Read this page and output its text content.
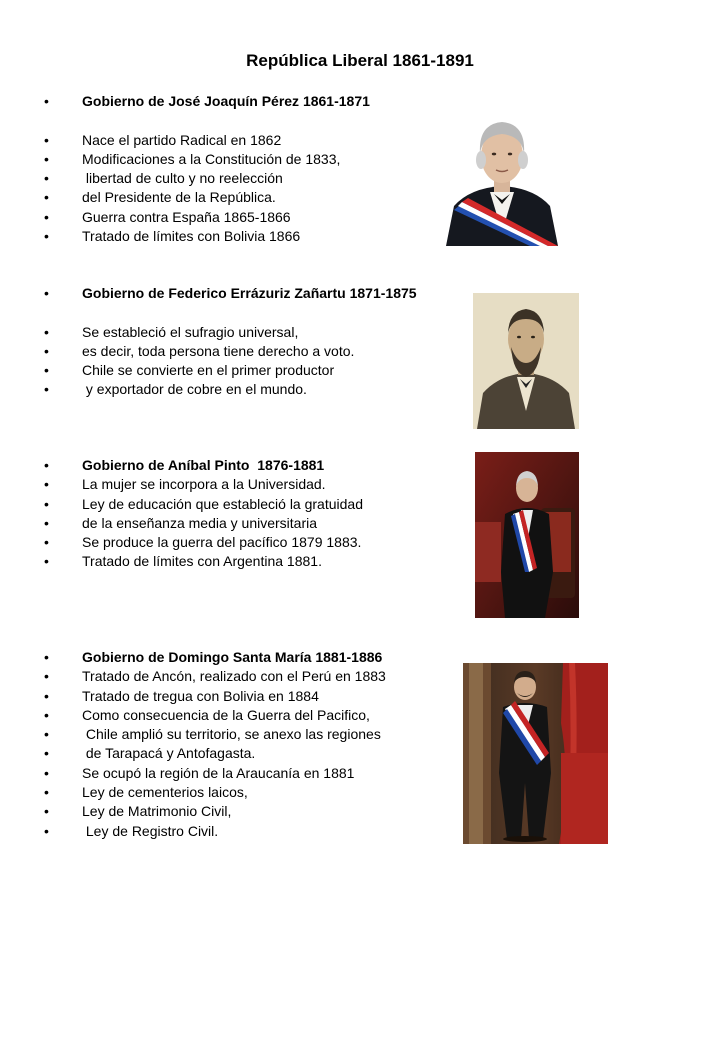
República Liberal 1861-1891
• Gobierno de José Joaquín Pérez 1861-1871
• Nace el partido Radical en 1862
• Modificaciones a la Constitución de 1833,
• libertad de culto y no reelección
• del Presidente de la República.
• Guerra contra España 1865-1866
• Tratado de límites con Bolivia 1866
• Gobierno de Federico Errázuriz Zañartu 1871-1875
• Se estableció el sufragio universal,
• es decir, toda persona tiene derecho a voto.
• Chile se convierte en el primer productor
• y exportador de cobre en el mundo.
• Gobierno de Aníbal Pinto  1876-1881
• La mujer se incorpora a la Universidad.
• Ley de educación que estableció la gratuidad
• de la enseñanza media y universitaria
• Se produce la guerra del pacífico 1879 1883.
• Tratado de límites con Argentina 1881.
• Gobierno de Domingo Santa María 1881-1886
• Tratado de Ancón, realizado con el Perú en 1883
• Tratado de tregua con Bolivia en 1884
• Como consecuencia de la Guerra del Pacifico,
• Chile amplió su territorio, se anexo las regiones
• de Tarapacá y Antofagasta.
• Se ocupó la región de la Araucanía en 1881
• Ley de cementerios laicos,
• Ley de Matrimonio Civil,
• Ley de Registro Civil.
